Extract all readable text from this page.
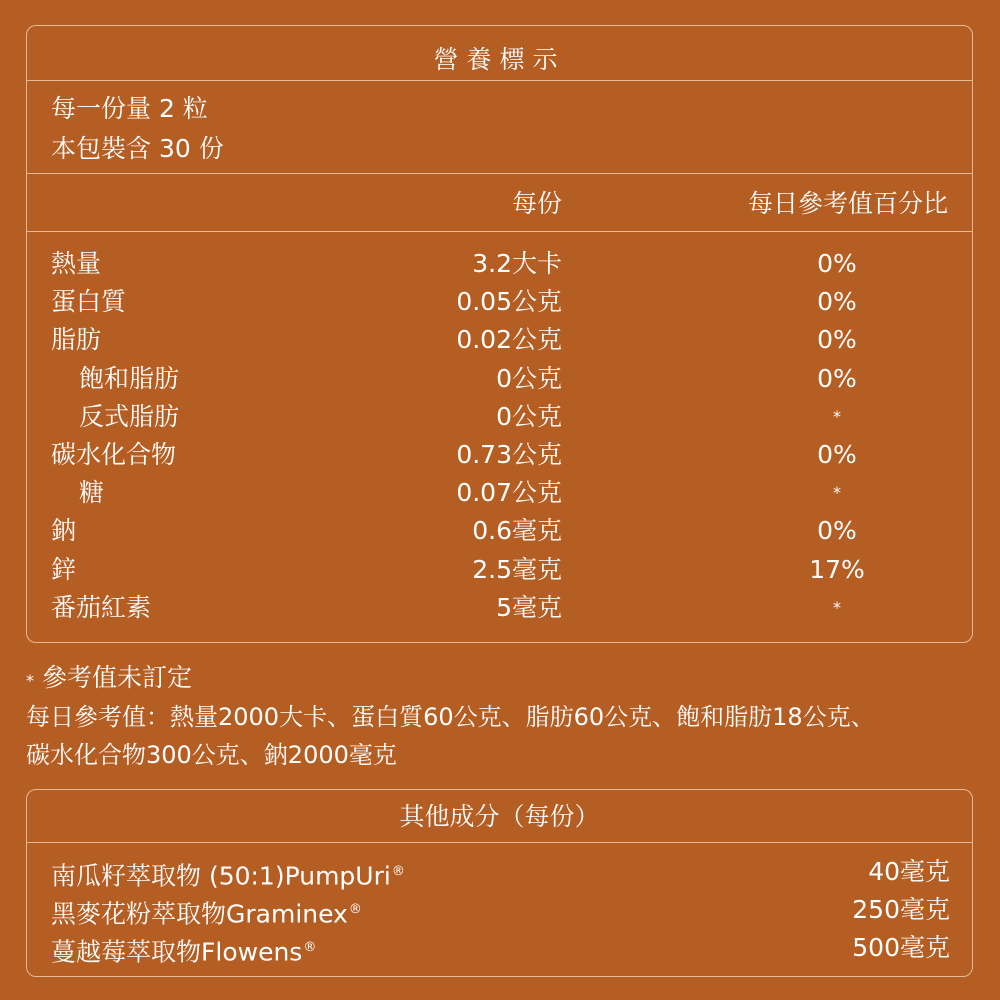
營養標示
每一份量 2 粒
本包裝含 30 份
每份	每日參考值百分比
熱量	3.2大卡	0%
蛋白質	0.05公克	0%
脂肪	0.02公克	0%
飽和脂肪	0公克	0%
反式脂肪	0公克	*
碳水化合物	0.73公克	0%
糖	0.07公克	*
鈉	0.6毫克	0%
鋅	2.5毫克	17%
番茄紅素	5毫克	*
* 參考值未訂定
每日參考值：熱量2000大卡、蛋白質60公克、脂肪60公克、飽和脂肪18公克、
碳水化合物300公克、鈉2000毫克
其他成分（每份）
南瓜籽萃取物 (50:1)PumpUri®	40毫克
黑麥花粉萃取物Graminex®	250毫克
蔓越莓萃取物Flowens®	500毫克
